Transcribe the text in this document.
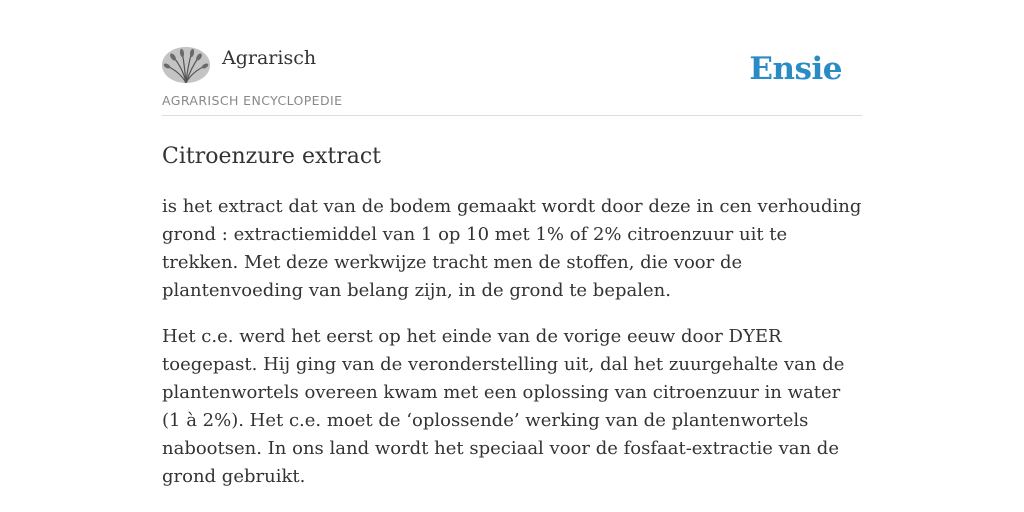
Agrarisch
AGRARISCH ENCYCLOPEDIE
Ensie
Citroenzure extract

is het extract dat van de bodem gemaakt wordt door deze in cen verhouding grond : extractiemiddel van 1 op 10 met 1% of 2% citroenzuur uit te trekken. Met deze werkwijze tracht men de stoffen, die voor de plantenvoeding van belang zijn, in de grond te bepalen.

Het c.e. werd het eerst op het einde van de vorige eeuw door DYER toegepast. Hij ging van de veronderstelling uit, dal het zuurgehalte van de plantenwortels overeen kwam met een oplossing van citroenzuur in water (1 à 2%). Het c.e. moet de ‘oplossende’ werking van de plantenwortels nabootsen. In ons land wordt het speciaal voor de fosfaat-extractie van de grond gebruikt.
